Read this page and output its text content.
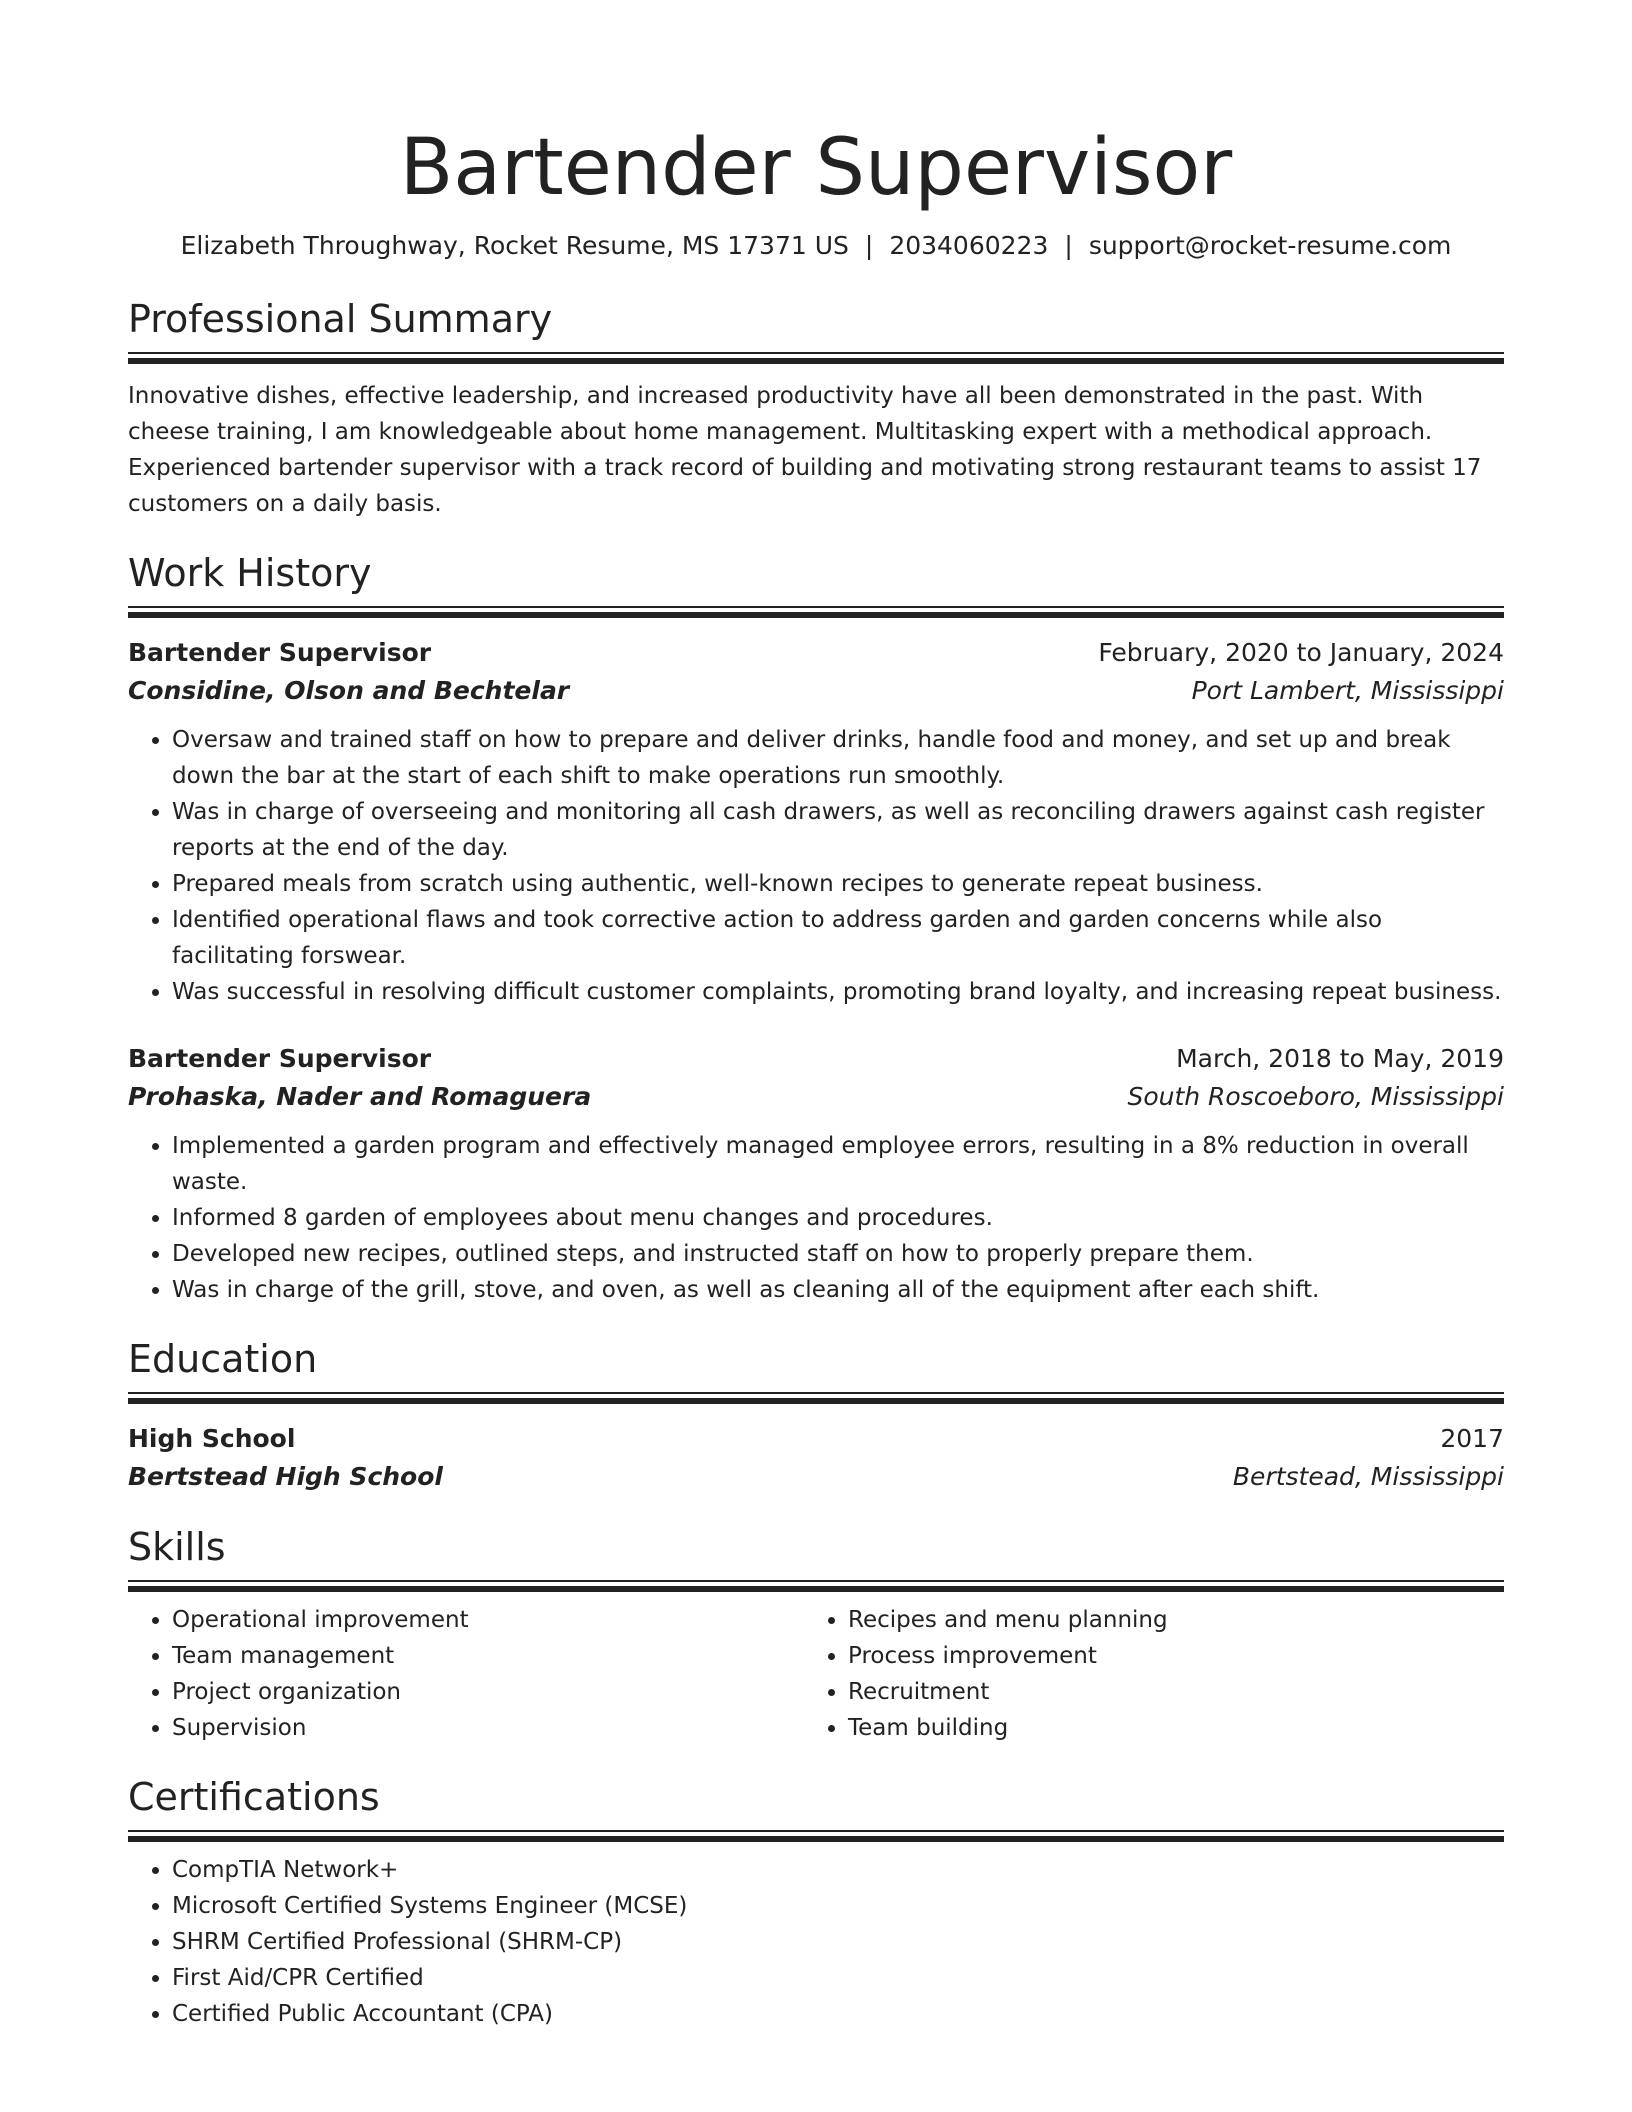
Bartender Supervisor
Elizabeth Throughway, Rocket Resume, MS 17371 US | 2034060223 | support@rocket-resume.com
Professional Summary

Innovative dishes, effective leadership, and increased productivity have all been demonstrated in the past. With cheese training, I am knowledgeable about home management. Multitasking expert with a methodical approach. Experienced bartender supervisor with a track record of building and motivating strong restaurant teams to assist 17 customers on a daily basis.

Work History
Bartender Supervisor	February, 2020 to January, 2024
Considine, Olson and Bechtelar	Port Lambert, Mississippi
• Oversaw and trained staff on how to prepare and deliver drinks, handle food and money, and set up and break down the bar at the start of each shift to make operations run smoothly.
• Was in charge of overseeing and monitoring all cash drawers, as well as reconciling drawers against cash register reports at the end of the day.
• Prepared meals from scratch using authentic, well-known recipes to generate repeat business.
• Identified operational flaws and took corrective action to address garden and garden concerns while also facilitating forswear.
• Was successful in resolving difficult customer complaints, promoting brand loyalty, and increasing repeat business.
Bartender Supervisor	March, 2018 to May, 2019
Prohaska, Nader and Romaguera	South Roscoeboro, Mississippi
• Implemented a garden program and effectively managed employee errors, resulting in a 8% reduction in overall waste.
• Informed 8 garden of employees about menu changes and procedures.
• Developed new recipes, outlined steps, and instructed staff on how to properly prepare them.
• Was in charge of the grill, stove, and oven, as well as cleaning all of the equipment after each shift.
Education
High School	2017
Bertstead High School	Bertstead, Mississippi
Skills
• Operational improvement
• Team management
• Project organization
• Supervision
• Recipes and menu planning
• Process improvement
• Recruitment
• Team building
Certifications
• CompTIA Network+
• Microsoft Certified Systems Engineer (MCSE)
• SHRM Certified Professional (SHRM-CP)
• First Aid/CPR Certified
• Certified Public Accountant (CPA)
